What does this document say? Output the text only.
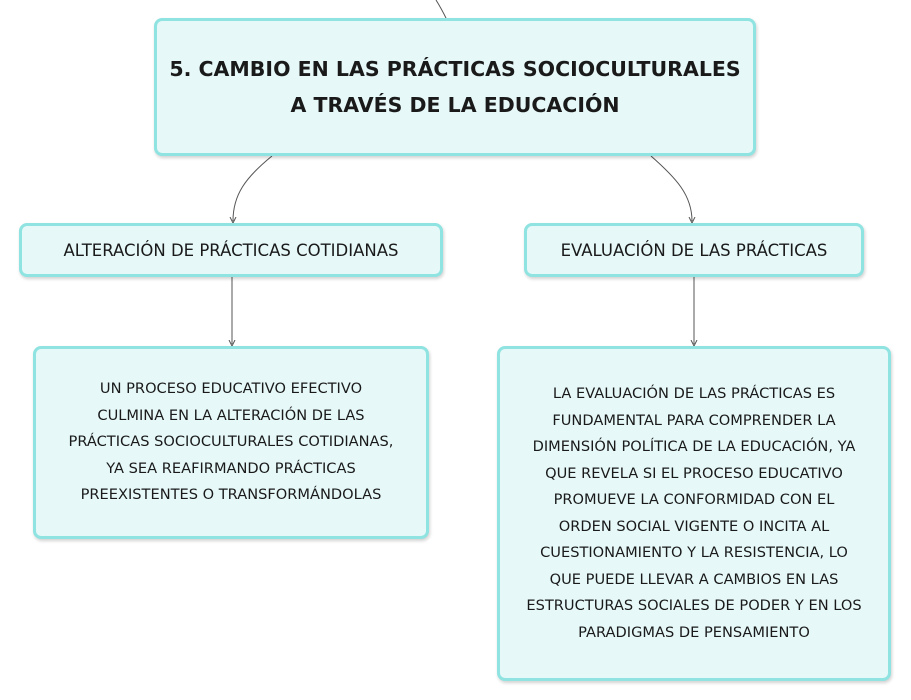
5. CAMBIO EN LAS PRÁCTICAS SOCIOCULTURALES
A TRAVÉS DE LA EDUCACIÓN
ALTERACIÓN DE PRÁCTICAS COTIDIANAS	EVALUACIÓN DE LAS PRÁCTICAS
UN PROCESO EDUCATIVO EFECTIVO
CULMINA EN LA ALTERACIÓN DE LAS
PRÁCTICAS SOCIOCULTURALES COTIDIANAS,
YA SEA REAFIRMANDO PRÁCTICAS
PREEXISTENTES O TRANSFORMÁNDOLAS
LA EVALUACIÓN DE LAS PRÁCTICAS ES
FUNDAMENTAL PARA COMPRENDER LA
DIMENSIÓN POLÍTICA DE LA EDUCACIÓN, YA
QUE REVELA SI EL PROCESO EDUCATIVO
PROMUEVE LA CONFORMIDAD CON EL
ORDEN SOCIAL VIGENTE O INCITA AL
CUESTIONAMIENTO Y LA RESISTENCIA, LO
QUE PUEDE LLEVAR A CAMBIOS EN LAS
ESTRUCTURAS SOCIALES DE PODER Y EN LOS
PARADIGMAS DE PENSAMIENTO
